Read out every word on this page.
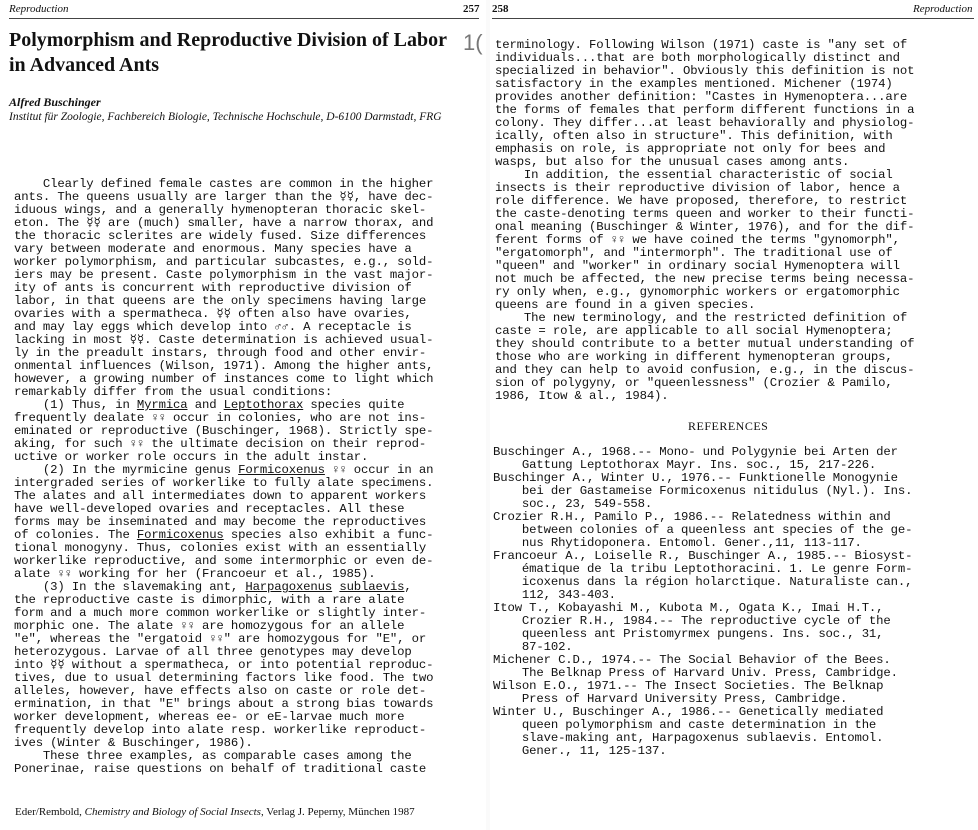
Reproduction	257
Polymorphism and Reproductive Division of Labor in Advanced Ants
1(
Alfred Buschinger
Institut für Zoologie, Fachbereich Biologie, Technische Hochschule, D-6100 Darmstadt, FRG
Clearly defined female castes are common in the higher
ants. The queens usually are larger than the ☿☿, have dec-
iduous wings, and a generally hymenopteran thoracic skel-
eton. The ☿☿ are (much) smaller, have a narrow thorax, and
the thoracic sclerites are widely fused. Size differences
vary between moderate and enormous. Many species have a
worker polymorphism, and particular subcastes, e.g., sold-
iers may be present. Caste polymorphism in the vast major-
ity of ants is concurrent with reproductive division of
labor, in that queens are the only specimens having large
ovaries with a spermatheca. ☿☿ often also have ovaries,
and may lay eggs which develop into ♂♂. A receptacle is
lacking in most ☿☿. Caste determination is achieved usual-
ly in the preadult instars, through food and other envir-
onmental influences (Wilson, 1971). Among the higher ants,
however, a growing number of instances come to light which
remarkably differ from the usual conditions:
(1) Thus, in Myrmica and Leptothorax species quite
frequently dealate ♀♀ occur in colonies, who are not ins-
eminated or reproductive (Buschinger, 1968). Strictly spe-
aking, for such ♀♀ the ultimate decision on their reprod-
uctive or worker role occurs in the adult instar.
(2) In the myrmicine genus Formicoxenus ♀♀ occur in an
intergraded series of workerlike to fully alate specimens.
The alates and all intermediates down to apparent workers
have well-developed ovaries and receptacles. All these
forms may be inseminated and may become the reproductives
of colonies. The Formicoxenus species also exhibit a func-
tional monogyny. Thus, colonies exist with an essentially
workerlike reproductive, and some intermorphic or even de-
alate ♀♀ working for her (Francoeur et al., 1985).
(3) In the slavemaking ant, Harpagoxenus sublaevis,
the reproductive caste is dimorphic, with a rare alate
form and a much more common workerlike or slightly inter-
morphic one. The alate ♀♀ are homozygous for an allele
"e", whereas the "ergatoid ♀♀" are homozygous for "E", or
heterozygous. Larvae of all three genotypes may develop
into ☿☿ without a spermatheca, or into potential reproduc-
tives, due to usual determining factors like food. The two
alleles, however, have effects also on caste or role det-
ermination, in that "E" brings about a strong bias towards
worker development, whereas ee- or eE-larvae much more
frequently develop into alate resp. workerlike reproduct-
ives (Winter & Buschinger, 1986).
These three examples, as comparable cases among the
Ponerinae, raise questions on behalf of traditional caste
Eder/Rembold, Chemistry and Biology of Social Insects, Verlag J. Peperny, München 1987
258	Reproduction
terminology. Following Wilson (1971) caste is "any set of
individuals...that are both morphologically distinct and
specialized in behavior". Obviously this definition is not
satisfactory in the examples mentioned. Michener (1974)
provides another definition: "Castes in Hymenoptera...are
the forms of females that perform different functions in a
colony. They differ...at least behaviorally and physiolog-
ically, often also in structure". This definition, with
emphasis on role, is appropriate not only for bees and
wasps, but also for the unusual cases among ants.
In addition, the essential characteristic of social
insects is their reproductive division of labor, hence a
role difference. We have proposed, therefore, to restrict
the caste-denoting terms queen and worker to their functi-
onal meaning (Buschinger & Winter, 1976), and for the dif-
ferent forms of ♀♀ we have coined the terms "gynomorph",
"ergatomorph", and "intermorph". The traditional use of
"queen" and "worker" in ordinary social Hymenoptera will
not much be affected, the new precise terms being necessa-
ry only when, e.g., gynomorphic workers or ergatomorphic
queens are found in a given species.
The new terminology, and the restricted definition of
caste = role, are applicable to all social Hymenoptera;
they should contribute to a better mutual understanding of
those who are working in different hymenopteran groups,
and they can help to avoid confusion, e.g., in the discus-
sion of polygyny, or "queenlessness" (Crozier & Pamilo,
1986, Itow & al., 1984).
REFERENCES
Buschinger A., 1968.-- Mono- und Polygynie bei Arten der
Gattung Leptothorax Mayr. Ins. soc., 15, 217-226.
Buschinger A., Winter U., 1976.-- Funktionelle Monogynie
bei der Gastameise Formicoxenus nitidulus (Nyl.). Ins.
soc., 23, 549-558.
Crozier R.H., Pamilo P., 1986.-- Relatedness within and
between colonies of a queenless ant species of the ge-
nus Rhytidoponera. Entomol. Gener.,11, 113-117.
Francoeur A., Loiselle R., Buschinger A., 1985.-- Biosyst-
ématique de la tribu Leptothoracini. 1. Le genre Form-
icoxenus dans la région holarctique. Naturaliste can.,
112, 343-403.
Itow T., Kobayashi M., Kubota M., Ogata K., Imai H.T.,
Crozier R.H., 1984.-- The reproductive cycle of the
queenless ant Pristomyrmex pungens. Ins. soc., 31,
87-102.
Michener C.D., 1974.-- The Social Behavior of the Bees.
The Belknap Press of Harvard Univ. Press, Cambridge.
Wilson E.O., 1971.-- The Insect Societies. The Belknap
Press of Harvard University Press, Cambridge.
Winter U., Buschinger A., 1986.-- Genetically mediated
queen polymorphism and caste determination in the
slave-making ant, Harpagoxenus sublaevis. Entomol.
Gener., 11, 125-137.
